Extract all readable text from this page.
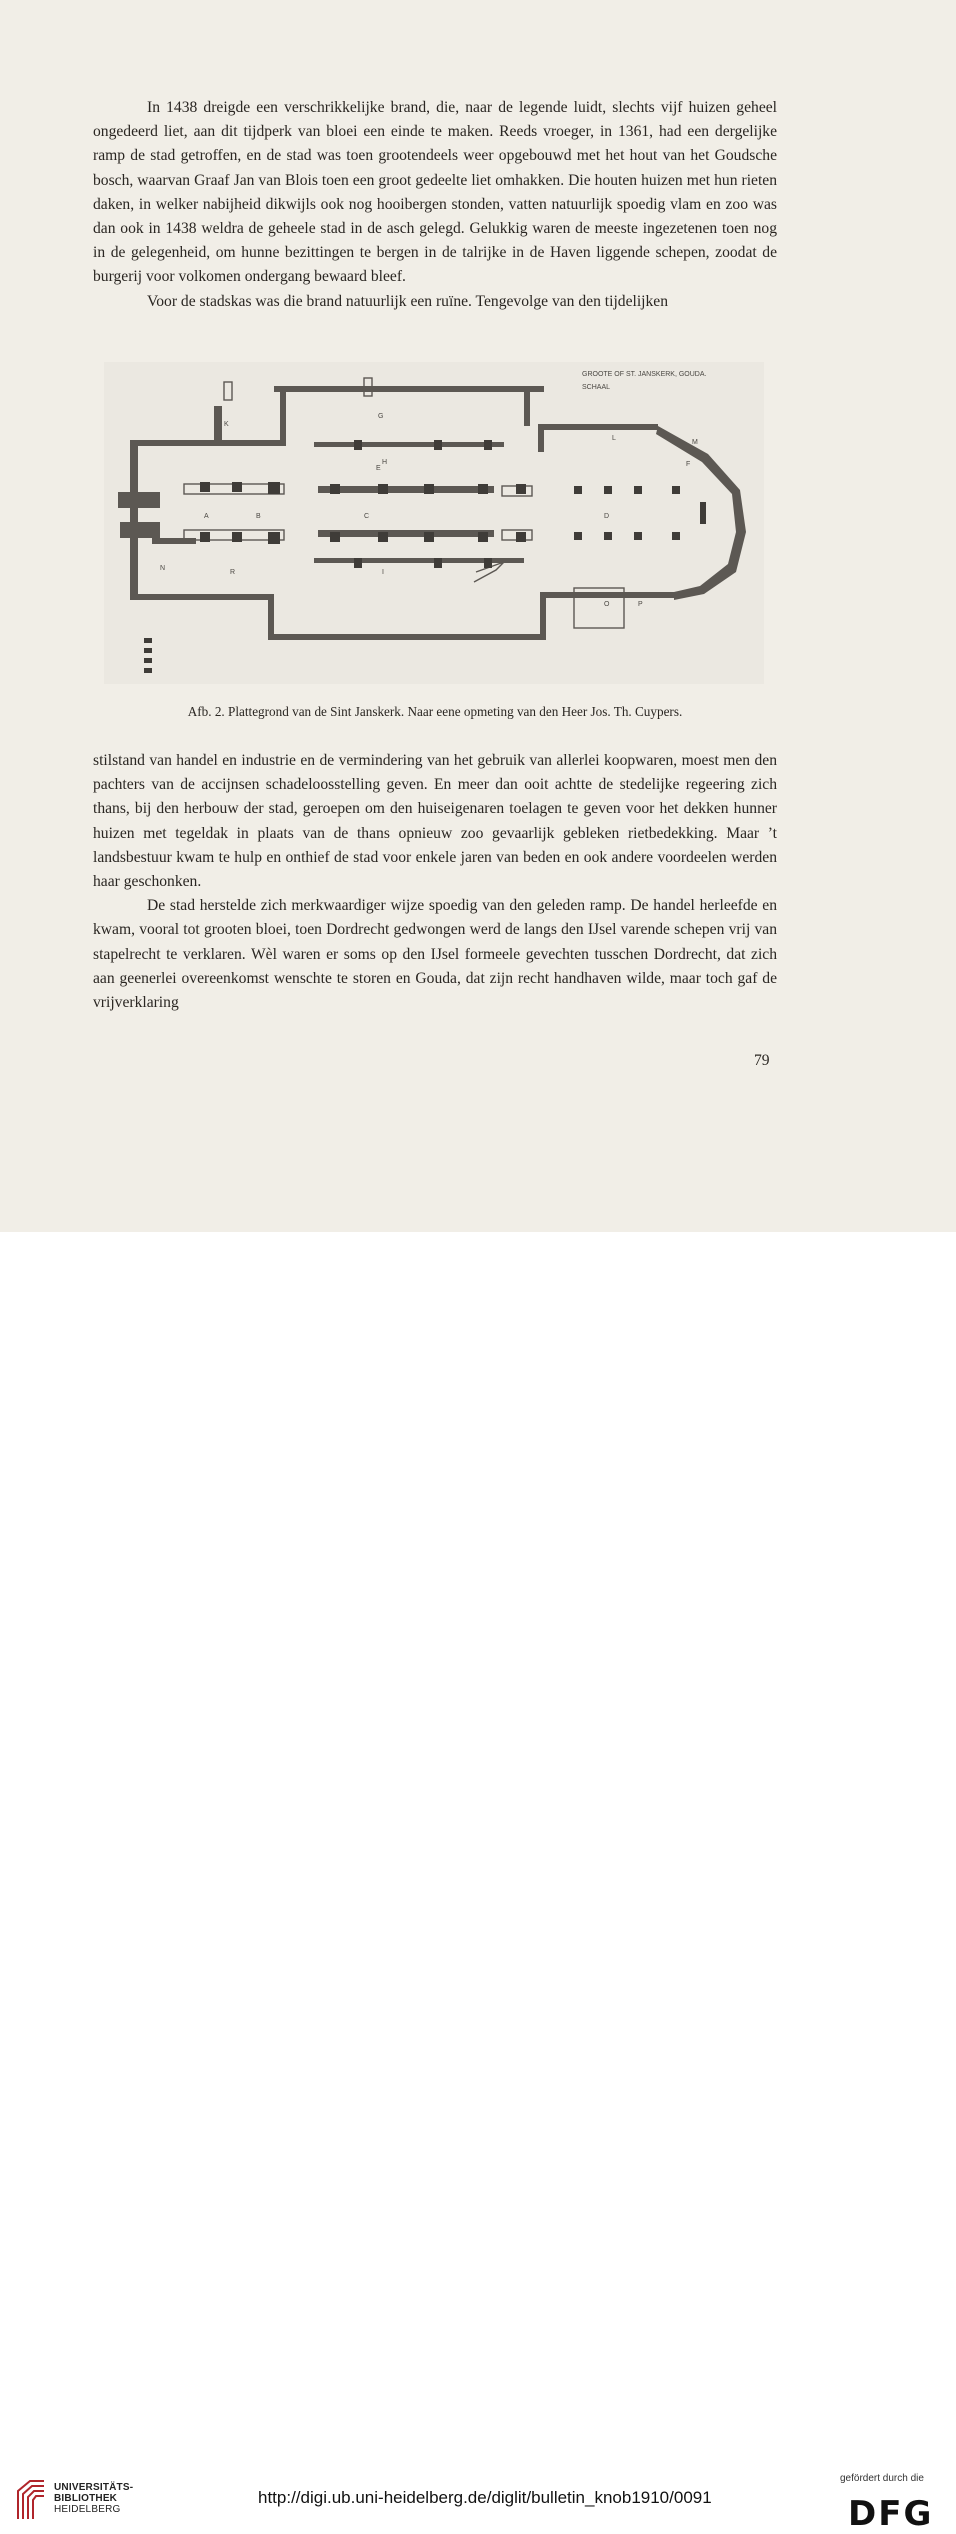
In 1438 dreigde een verschrikkelijke brand, die, naar de legende luidt, slechts vijf huizen geheel ongedeerd liet, aan dit tijdperk van bloei een einde te maken. Reeds vroeger, in 1361, had een dergelijke ramp de stad getroffen, en de stad was toen grootendeels weer opgebouwd met het hout van het Goudsche bosch, waarvan Graaf Jan van Blois toen een groot gedeelte liet omhakken. Die houten huizen met hun rieten daken, in welker nabijheid dikwijls ook nog hooibergen stonden, vatten natuurlijk spoedig vlam en zoo was dan ook in 1438 weldra de geheele stad in de asch gelegd. Gelukkig waren de meeste ingezetenen toen nog in de gelegenheid, om hunne bezittingen te bergen in de talrijke in de Haven liggende schepen, zoodat de burgerij voor volkomen ondergang bewaard bleef.

Voor de stadskas was die brand natuurlijk een ruïne. Tengevolge van den tijdelijken

GROOTE OF ST. JANSKERK, GOUDA.
SCHAAL
A	B	C	D
E
F
G
H
I
K
L
M
N
O	P
R
Afb. 2. Plattegrond van de Sint Janskerk. Naar eene opmeting van den Heer Jos. Th. Cuypers.

stilstand van handel en industrie en de vermindering van het gebruik van allerlei koopwaren, moest men den pachters van de accijnsen schadeloosstelling geven. En meer dan ooit achtte de stedelijke regeering zich thans, bij den herbouw der stad, geroepen om den huiseigenaren toelagen te geven voor het dekken hunner huizen met tegeldak in plaats van de thans opnieuw zoo gevaarlijk gebleken rietbedekking. Maar ’t landsbestuur kwam te hulp en onthief de stad voor enkele jaren van beden en ook andere voordeelen werden haar geschonken.

De stad herstelde zich merkwaardiger wijze spoedig van den geleden ramp. De handel herleefde en kwam, vooral tot grooten bloei, toen Dordrecht gedwongen werd de langs den IJsel varende schepen vrij van stapelrecht te verklaren. Wèl waren er soms op den IJsel formeele gevechten tusschen Dordrecht, dat zich aan geenerlei overeenkomst wenschte te storen en Gouda, dat zijn recht handhaven wilde, maar toch gaf de vrijverklaring

79
UNIVERSITÄTS-
BIBLIOTHEK
HEIDELBERG
http://digi.ub.uni-heidelberg.de/diglit/bulletin_knob1910/0091
gefördert durch die
DFG
